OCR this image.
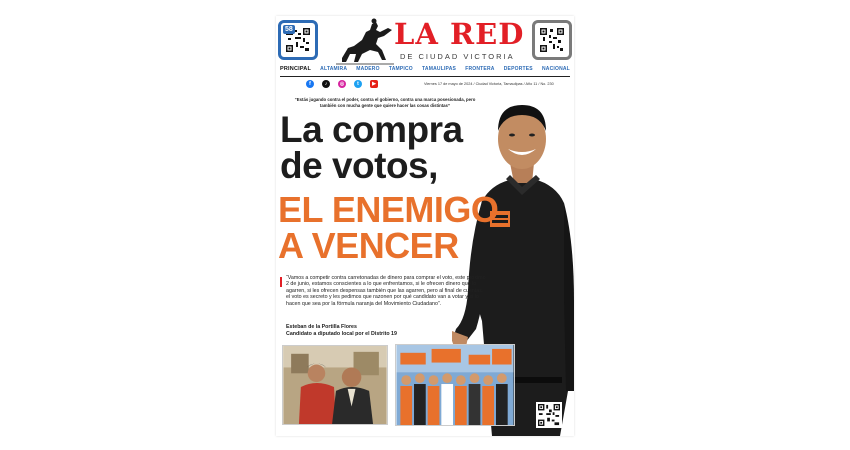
58	LA RED
DE CIUDAD VICTORIA
PRINCIPAL ALTAMIRA MADERO TAMPICO TAMAULIPAS FRONTERA DEPORTES NACIONAL
f	♪	◎	t	▶	Viernes 17 de mayo de 2024 / Ciudad Victoria, Tamaulipas / Año 11 / No. 230
“Estás jugando contra el poder, contra el gobierno, contra una marca posesionada, pero también con mucha gente que quiere hacer las cosas distintas”
La compra
de votos,
EL ENEMIGO
A VENCER
“Vamos a competir contra carretonadas de dinero para comprar el voto, este próximo 2 de junio, estamos conscientes a lo que enfrentamos, si le ofrecen dinero que lo agarren, si les ofrecen despensas también que las agarren, pero al final de cuentas, el voto es secreto y les pedimos que razonen por qué candidato van a votar y si lo hacen que sea por la fórmula naranja del Movimiento Ciudadano”.
Esteban de la Portilla Flores
Candidato a diputado local por el Distrito 19
